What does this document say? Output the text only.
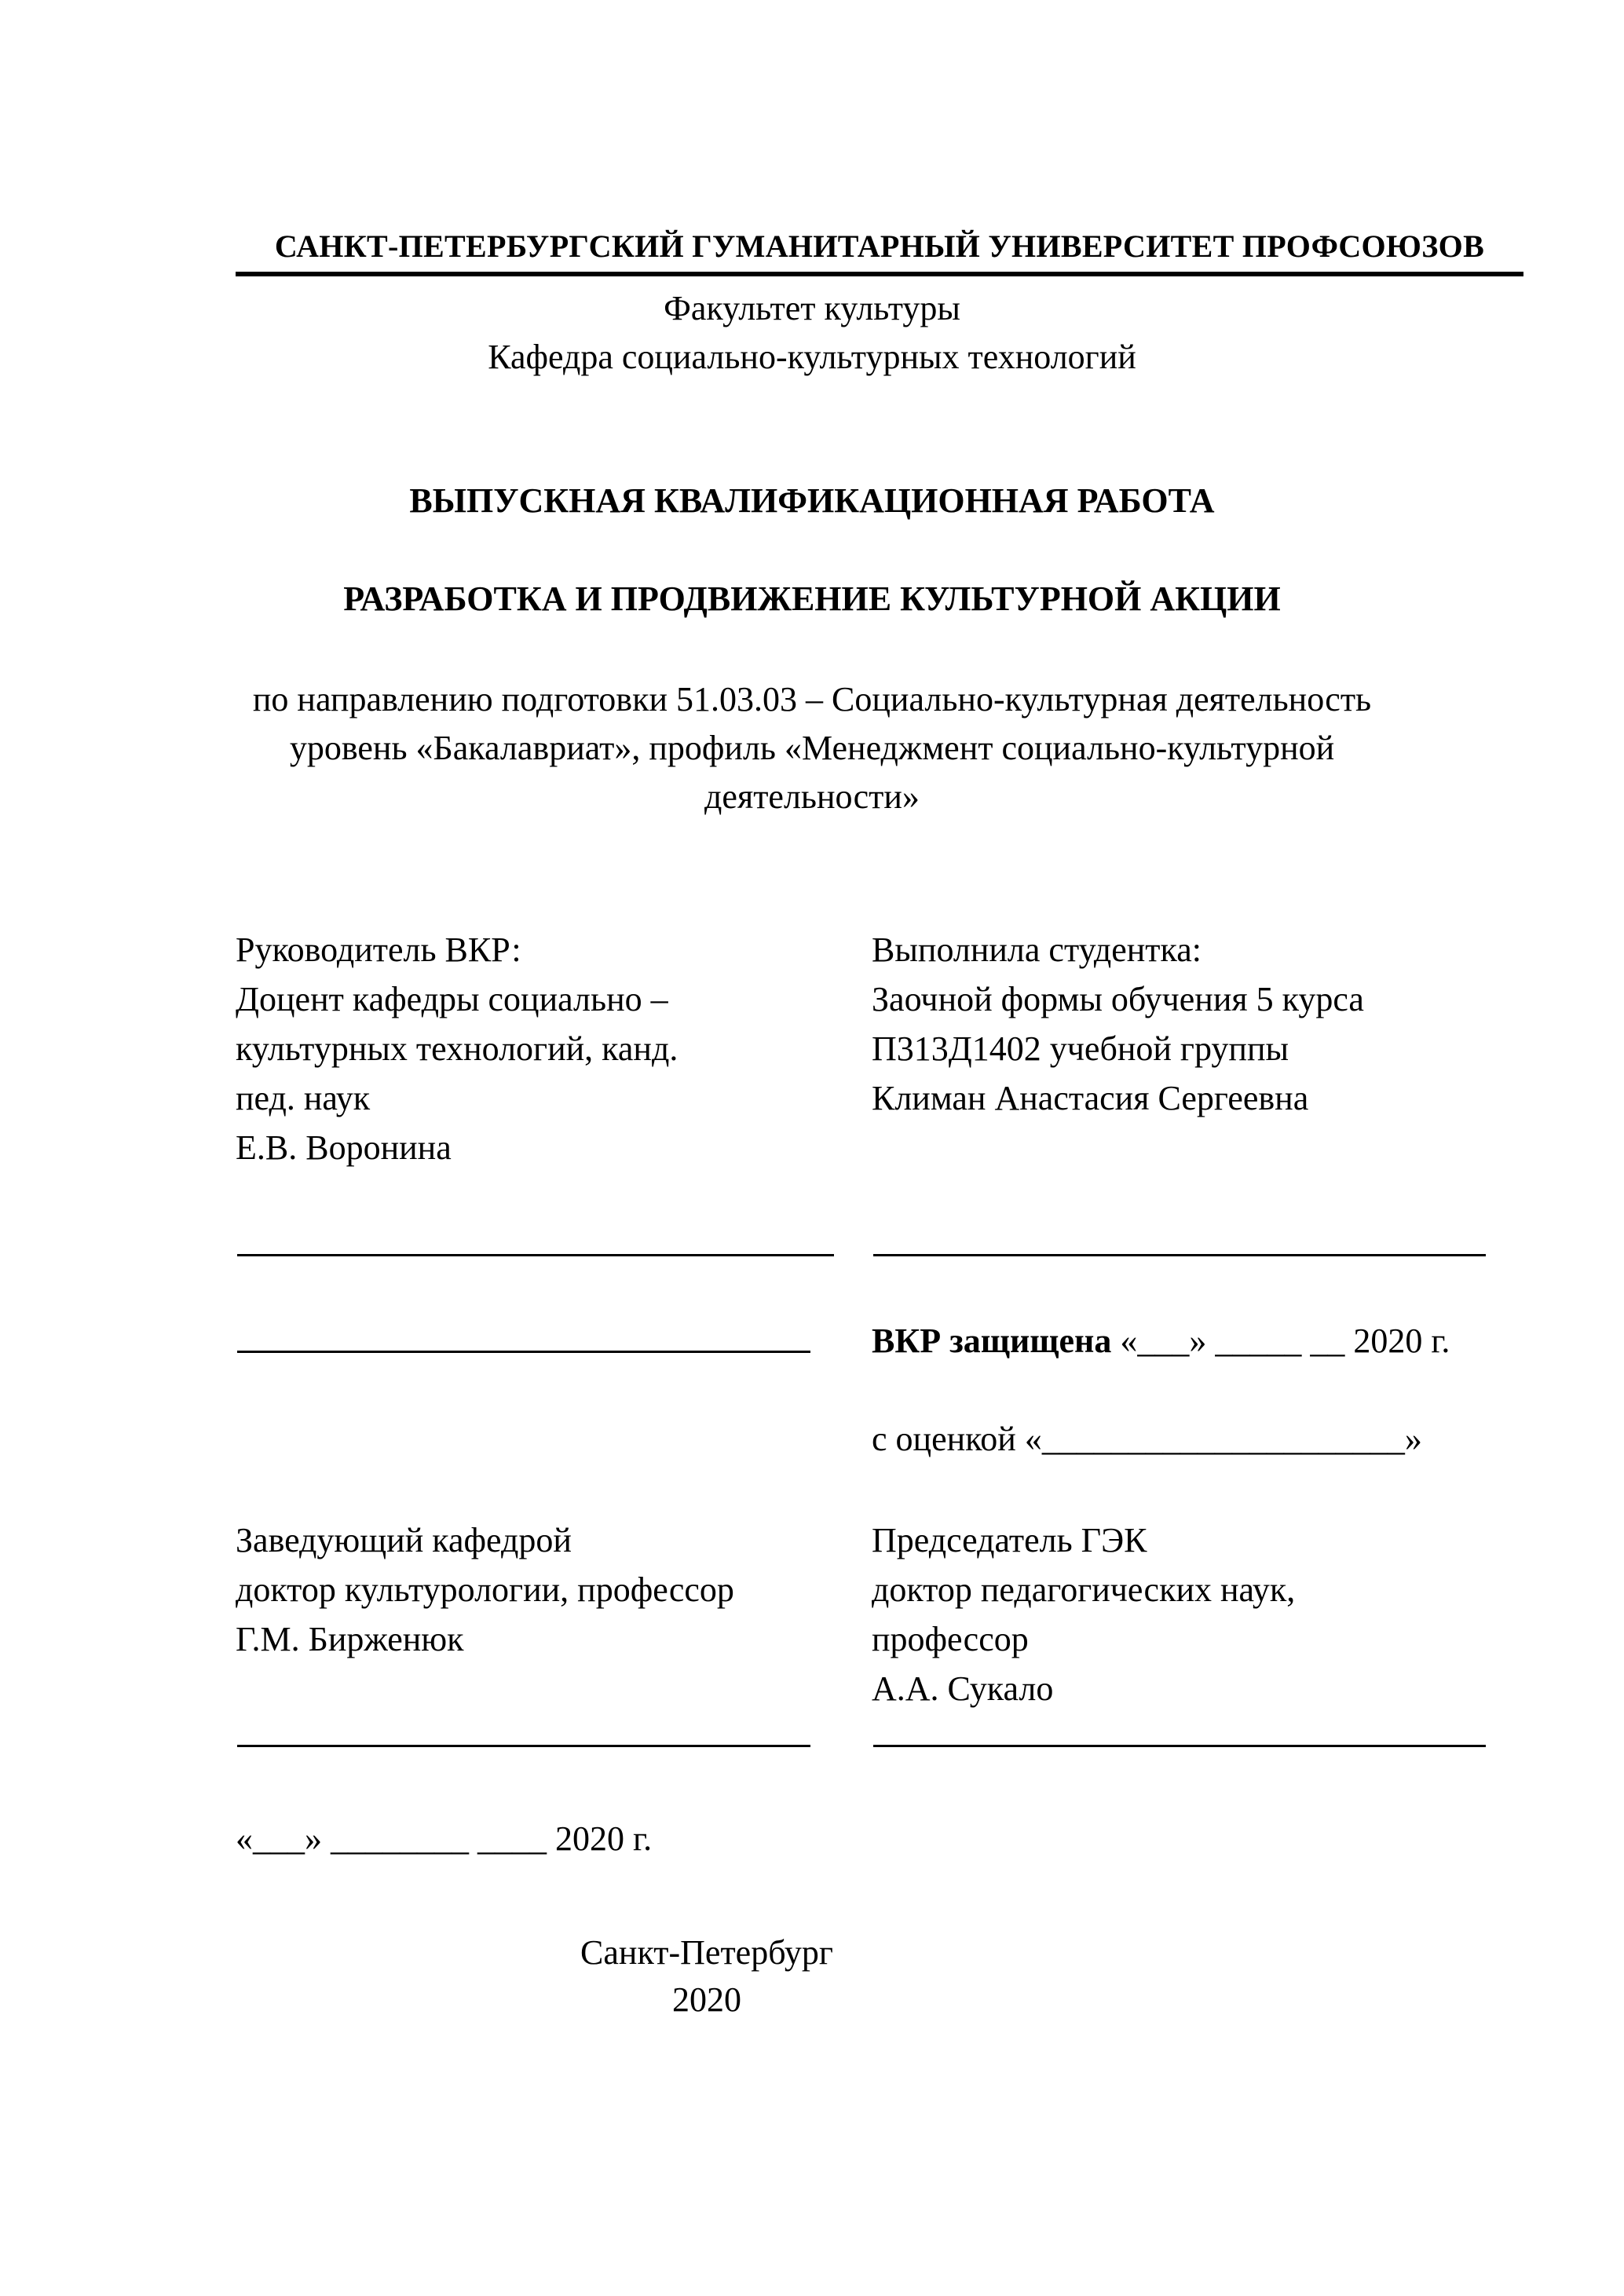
САНКТ-ПЕТЕРБУРГСКИЙ ГУМАНИТАРНЫЙ УНИВЕРСИТЕТ ПРОФСОЮЗОВ
Факультет культуры
Кафедра социально-культурных технологий
ВЫПУСКНАЯ КВАЛИФИКАЦИОННАЯ РАБОТА
РАЗРАБОТКА И ПРОДВИЖЕНИЕ КУЛЬТУРНОЙ АКЦИИ
по направлению подготовки 51.03.03 – Социально-культурная деятельность
уровень «Бакалавриат», профиль «Менеджмент социально-культурной
деятельности»
Руководитель ВКР:
Доцент кафедры социально –
культурных технологий, канд.
пед. наук
Е.В. Воронина
Выполнила студентка:
Заочной формы обучения 5 курса
П313Д1402 учебной группы
Климан Анастасия Сергеевна
ВКР защищена «___» _____ __ 2020 г.
с оценкой «_____________________»
Заведующий кафедрой
доктор культурологии, профессор
Г.М. Бирженюк
Председатель ГЭК
доктор педагогических наук,
профессор
А.А. Сукало
«___» ________ ____ 2020 г.
Санкт-Петербург
2020
